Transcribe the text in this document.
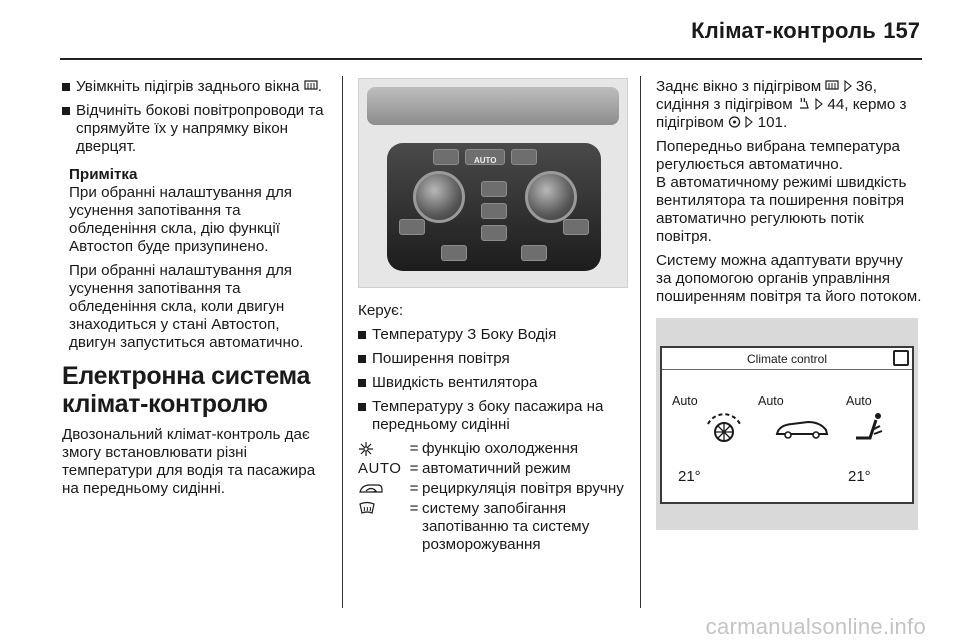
Клімат-контроль 157
Увімкніть підігрів заднього вікна .
Відчиніть бокові повітропроводи та спрямуйте їх у напрямку вікон дверцят.
Примітка
При обранні налаштування для усунення запотівання та обледеніння скла, дію функції Автостоп буде призупинено.
При обранні налаштування для усунення запотівання та обледеніння скла, коли двигун знаходиться у стані Автостоп, двигун запуститься автоматично.
Електронна система клімат-контролю
Двозональний клімат-контроль дає змогу встановлювати різні температури для водія та пасажира на передньому сидінні.
AUTO
Керує:
Температуру З Боку Водія
Поширення повітря
Швидкість вентилятора
Температуру з боку пасажира на передньому сидінні
= функцію охолодження
AUTO = автоматичний режим
= рециркуляція повітря вручну
= систему запобігання запотіванню та систему розморожування
Заднє вікно з підігрівом   36, сидіння з підігрівом   44, кермо з підігрівом   101.
Попередньо вибрана температура регулюється автоматично.
В автоматичному режимі швидкість вентилятора та поширення повітря автоматично регулюють потік повітря.
Систему можна адаптувати вручну за допомогою органів управління поширенням повітря та його потоком.
Climate control
Auto	Auto	Auto
21°	21°
carmanualsonline.info
